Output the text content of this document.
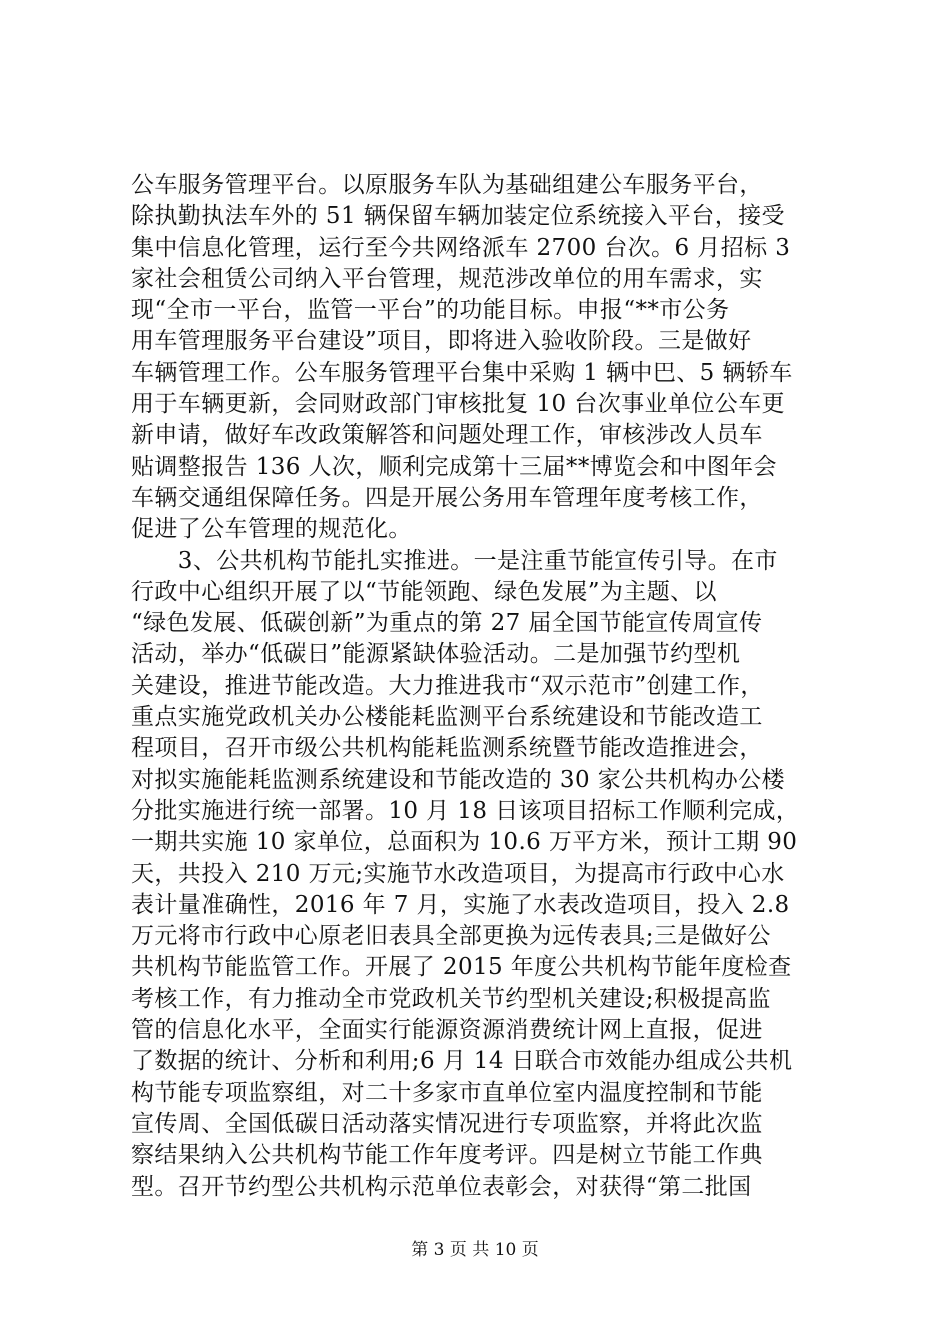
公车服务管理平台。以原服务车队为基础组建公车服务平台，
除执勤执法车外的 51 辆保留车辆加装定位系统接入平台，接受
集中信息化管理，运行至今共网络派车 2700 台次。6 月招标 3
家社会租赁公司纳入平台管理，规范涉改单位的用车需求，实
现“全市一平台，监管一平台”的功能目标。申报“**市公务
用车管理服务平台建设”项目，即将进入验收阶段。三是做好
车辆管理工作。公车服务管理平台集中采购 1 辆中巴、5 辆轿车
用于车辆更新，会同财政部门审核批复 10 台次事业单位公车更
新申请，做好车改政策解答和问题处理工作，审核涉改人员车
贴调整报告 136 人次，顺利完成第十三届**博览会和中图年会
车辆交通组保障任务。四是开展公务用车管理年度考核工作，
促进了公车管理的规范化。
　　3、公共机构节能扎实推进。一是注重节能宣传引导。在市
行政中心组织开展了以“节能领跑、绿色发展”为主题、以
“绿色发展、低碳创新”为重点的第 27 届全国节能宣传周宣传
活动，举办“低碳日”能源紧缺体验活动。二是加强节约型机
关建设，推进节能改造。大力推进我市“双示范市”创建工作，
重点实施党政机关办公楼能耗监测平台系统建设和节能改造工
程项目，召开市级公共机构能耗监测系统暨节能改造推进会，
对拟实施能耗监测系统建设和节能改造的 30 家公共机构办公楼
分批实施进行统一部署。10 月 18 日该项目招标工作顺利完成，
一期共实施 10 家单位，总面积为 10.6 万平方米，预计工期 90
天，共投入 210 万元;实施节水改造项目，为提高市行政中心水
表计量准确性，2016 年 7 月，实施了水表改造项目，投入 2.8
万元将市行政中心原老旧表具全部更换为远传表具;三是做好公
共机构节能监管工作。开展了 2015 年度公共机构节能年度检查
考核工作，有力推动全市党政机关节约型机关建设;积极提高监
管的信息化水平，全面实行能源资源消费统计网上直报，促进
了数据的统计、分析和利用;6 月 14 日联合市效能办组成公共机
构节能专项监察组，对二十多家市直单位室内温度控制和节能
宣传周、全国低碳日活动落实情况进行专项监察，并将此次监
察结果纳入公共机构节能工作年度考评。四是树立节能工作典
型。召开节约型公共机构示范单位表彰会，对获得“第二批国
第 3 页 共 10 页
